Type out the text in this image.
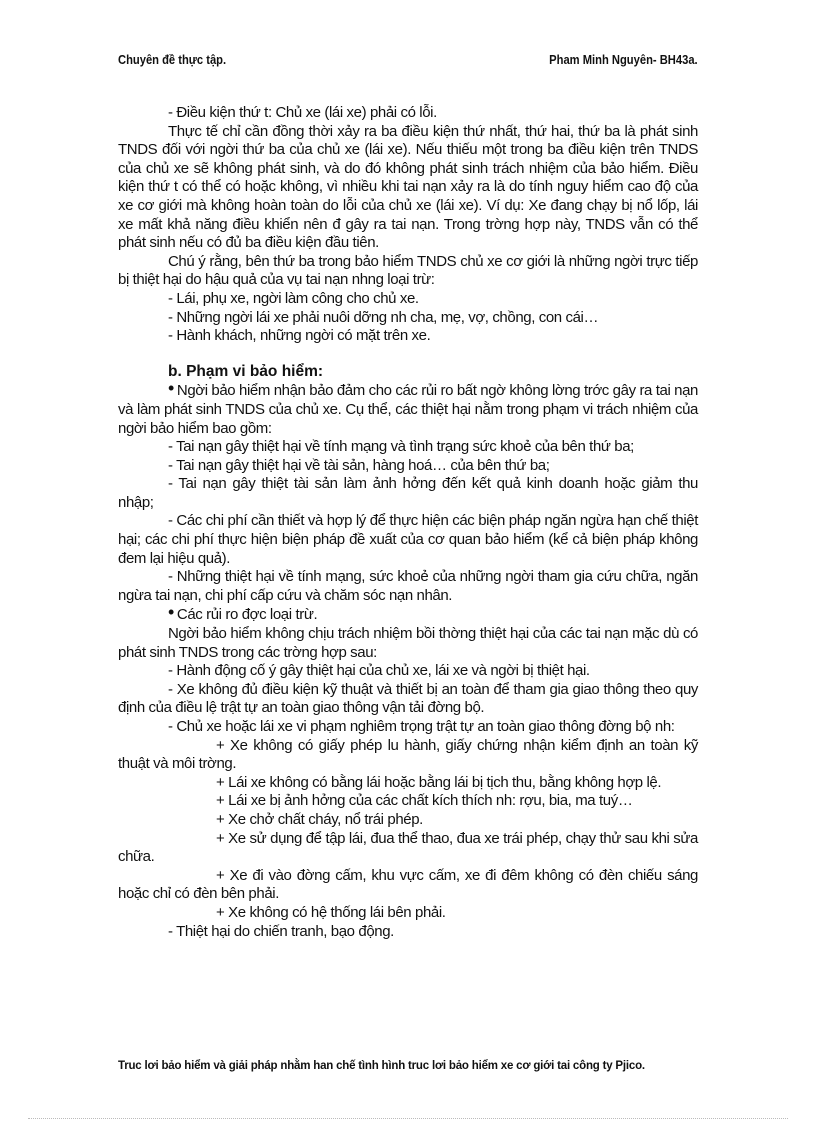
Chuyên đề thực tập.	Pham Minh Nguyên- BH43a.

- Điều kiện thứ t: Chủ xe (lái xe) phải có lỗi.

Thực tế chỉ cần đồng thời xảy ra ba điều kiện thứ nhất, thứ hai, thứ ba là phát sinh TNDS đối với ngời thứ ba của chủ xe (lái xe). Nếu thiếu một trong ba điều kiện trên TNDS của chủ xe sẽ không phát sinh, và do đó không phát sinh trách nhiệm của bảo hiểm. Điều kiện thứ t có thể có hoặc không, vì nhiều khi tai nạn xảy ra là do tính nguy hiểm cao độ của xe cơ giới mà không hoàn toàn do lỗi của chủ xe (lái xe). Ví dụ: Xe đang chạy bị nổ lốp, lái xe mất khả năng điều khiển nên đ gây ra tai nạn. Trong trờng hợp này, TNDS vẫn có thể phát sinh nếu có đủ ba điều kiện đầu tiên.

Chú ý rằng, bên thứ ba trong bảo hiểm TNDS chủ xe cơ giới là những ngời trực tiếp bị thiệt hại do hậu quả của vụ tai nạn nhng loại trừ:

- Lái, phụ xe, ngời làm công cho chủ xe.

- Những ngời lái xe phải nuôi dỡng nh cha, mẹ, vợ, chồng, con cái…

- Hành khách, những ngời có mặt trên xe.

b. Phạm vi bảo hiểm:

• Ngời bảo hiểm nhận bảo đảm cho các rủi ro bất ngờ không lờng trớc gây ra tai nạn và làm phát sinh TNDS của chủ xe. Cụ thể, các thiệt hại nằm trong phạm vi trách nhiệm của ngời bảo hiểm bao gồm:

- Tai nạn gây thiệt hại về tính mạng và tình trạng sức khoẻ của bên thứ ba;

- Tai nạn gây thiệt hại về tài sản, hàng hoá… của bên thứ ba;

- Tai nạn gây thiệt tài sản làm ảnh hởng đến kết quả kinh doanh hoặc giảm thu nhập;

- Các chi phí cần thiết và hợp lý để thực hiện các biện pháp ngăn ngừa hạn chế thiệt hại; các chi phí thực hiện biện pháp đề xuất của cơ quan bảo hiểm (kể cả biện pháp không đem lại hiệu quả).

- Những thiệt hại về tính mạng, sức khoẻ của những ngời tham gia cứu chữa, ngăn ngừa tai nạn, chi phí cấp cứu và chăm sóc nạn nhân.

• Các rủi ro đợc loại trừ.

Ngời bảo hiểm không chịu trách nhiệm bồi thờng thiệt hại của các tai nạn mặc dù có phát sinh TNDS trong các trờng hợp sau:

- Hành động cố ý gây thiệt hại của chủ xe, lái xe và ngời bị thiệt hại.

- Xe không đủ điều kiện kỹ thuật và thiết bị an toàn để tham gia giao thông theo quy định của điều lệ trật tự an toàn giao thông vận tải đờng bộ.

- Chủ xe hoặc lái xe vi phạm nghiêm trọng trật tự an toàn giao thông đờng bộ nh:

+ Xe không có giấy phép lu hành, giấy chứng nhận kiểm định an toàn kỹ thuật và môi trờng.

+ Lái xe không có bằng lái hoặc bằng lái bị tịch thu, bằng không hợp lệ.

+ Lái xe bị ảnh hởng của các chất kích thích nh: rợu, bia, ma tuý…

+ Xe chở chất cháy, nổ trái phép.

+ Xe sử dụng để tập lái, đua thể thao, đua xe trái phép, chạy thử sau khi sửa chữa.

+ Xe đi vào đờng cấm, khu vực cấm, xe đi đêm không có đèn chiếu sáng hoặc chỉ có đèn bên phải.

+ Xe không có hệ thống lái bên phải.

- Thiệt hại do chiến tranh, bạo động.

Truc lơi bảo hiểm và giải pháp nhằm han chế tình hình truc lơi bảo hiểm xe cơ giới tai công ty Pjico.
